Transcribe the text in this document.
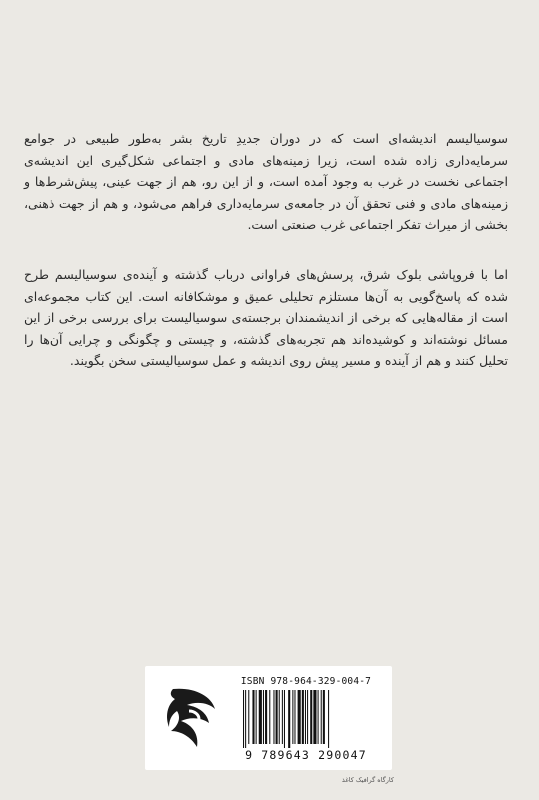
سوسیالیسم اندیشه‌ای است که در دوران جدیدِ تاریخ بشر به‌طور طبیعی در جوامع سرمایه‌داری زاده شده است، زیرا زمینه‌های مادی و اجتماعی شکل‌گیری این اندیشه‌ی اجتماعی نخست در غرب به وجود آمده است، و از این رو، هم از جهت عینی، پیش‌شرط‌ها و زمینه‌های مادی و فنی تحقق آن در جامعه‌ی سرمایه‌داری فراهم می‌شود، و هم از جهت ذهنی، بخشی از میراث تفکر اجتماعی غرب صنعتی است.

اما با فروپاشی بلوک شرق، پرسش‌های فراوانی درباب گذشته و آینده‌ی سوسیالیسم طرح شده که پاسخ‌گویی به آن‌ها مستلزم تحلیلی عمیق و موشکافانه است. این کتاب مجموعه‌ای است از مقاله‌هایی که برخی از اندیشمندان برجسته‌ی سوسیالیست برای بررسی برخی از این مسائل نوشته‌اند و کوشیده‌اند هم تجربه‌های گذشته، و چیستی و چگونگی و چرایی آن‌ها را تحلیل کنند و هم از آینده و مسیر پیش روی اندیشه و عمل سوسیالیستی سخن بگویند.

ISBN 978-964-329-004-7
9 789643 290047
کارگاه گرافیک کاغذ
